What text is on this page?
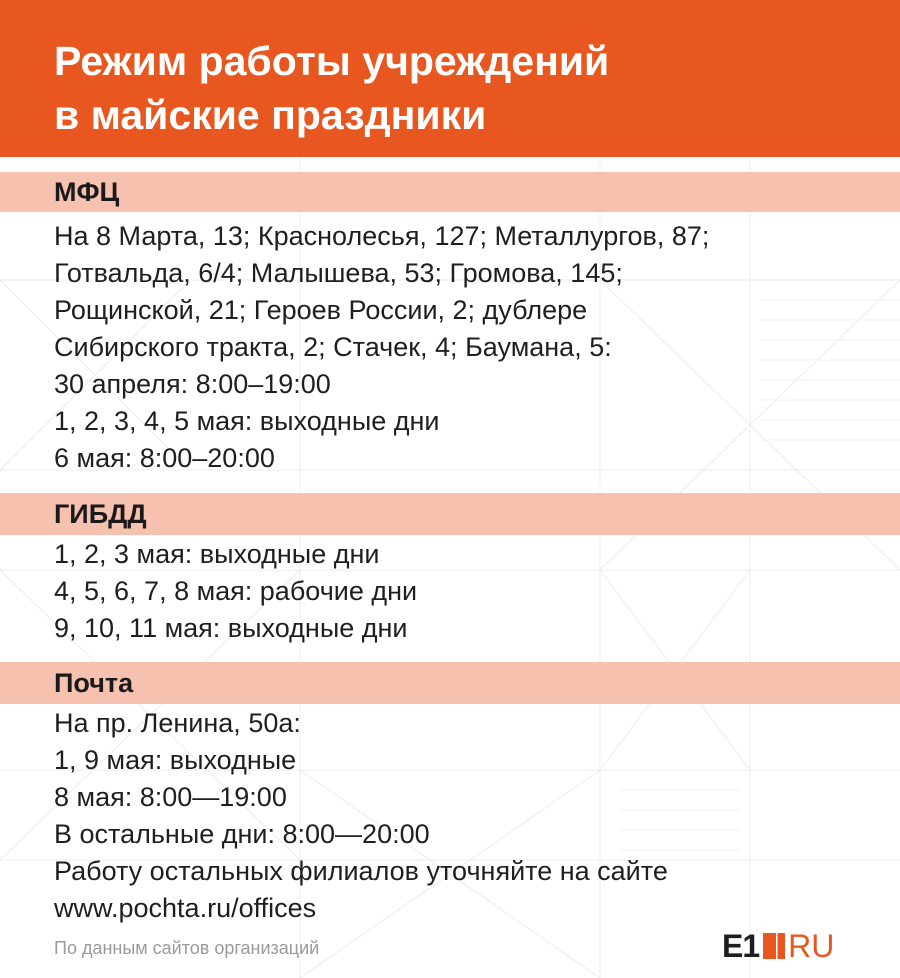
Режим работы учреждений
в майские праздники
МФЦ
На 8 Марта, 13; Краснолесья, 127; Металлургов, 87;
Готвальда, 6/4; Малышева, 53; Громова, 145;
Рощинской, 21; Героев России, 2; дублере
Сибирского тракта, 2; Стачек, 4; Баумана, 5:
30 апреля: 8:00–19:00
1, 2, 3, 4, 5 мая: выходные дни
6 мая: 8:00–20:00
ГИБДД
1, 2, 3 мая: выходные дни
4, 5, 6, 7, 8 мая: рабочие дни
9, 10, 11 мая: выходные дни
Почта
На пр. Ленина, 50а:
1, 9 мая: выходные
8 мая: 8:00—19:00
В остальные дни: 8:00—20:00
Работу остальных филиалов уточняйте на сайте
www.pochta.ru/offices
По данным сайтов организаций	E1 RU
